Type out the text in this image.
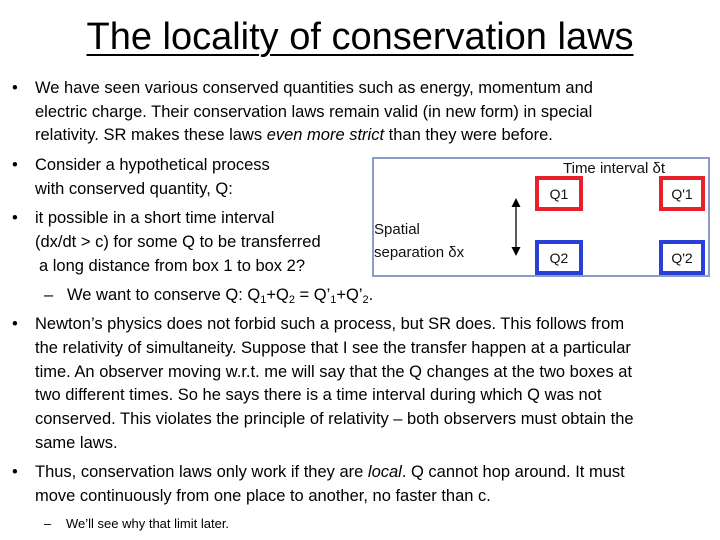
The locality of conservation laws
• We have seen various conserved quantities such as energy, momentum and
electric charge. Their conservation laws remain valid (in new form) in special
relativity. SR makes these laws even more strict than they were before.
• Consider a hypothetical process
with conserved quantity, Q:
• it possible in a short time interval
(dx/dt > c) for some Q to be transferred
a long distance from box 1 to box 2?
– We want to conserve Q: $Q_1+Q_2$ = $Q’_1+Q’_2$.
• Newton’s physics does not forbid such a process, but SR does. This follows from
the relativity of simultaneity. Suppose that I see the transfer happen at a particular
time. An observer moving w.r.t. me will say that the Q changes at the two boxes at
two different times. So he says there is a time interval during which Q was not
conserved. This violates the principle of relativity – both observers must obtain the
same laws.
• Thus, conservation laws only work if they are local. Q cannot hop around. It must
move continuously from one place to another, no faster than c.
– We’ll see why that limit later.
Time interval δt
Spatial
separation δx
Q1	Q'1
Q2	Q'2
